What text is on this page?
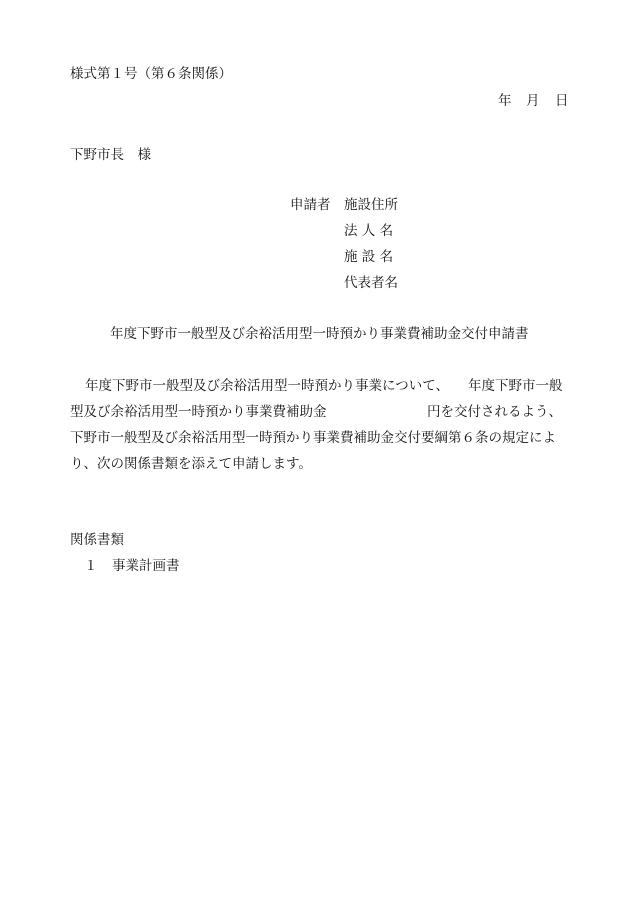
様式第１号（第６条関係）
年 月 日
下野市長　様
申請者 施設住所
法 人 名
施 設 名
代表者名
年度下野市一般型及び余裕活用型一時預かり事業費補助金交付申請書
年度下野市一般型及び余裕活用型一時預かり事業について、 年度下野市一般
型及び余裕活用型一時預かり事業費補助金	円を交付されるよう、
下野市一般型及び余裕活用型一時預かり事業費補助金交付要綱第６条の規定によ
り、次の関係書類を添えて申請します。
関係書類
１ 事業計画書
